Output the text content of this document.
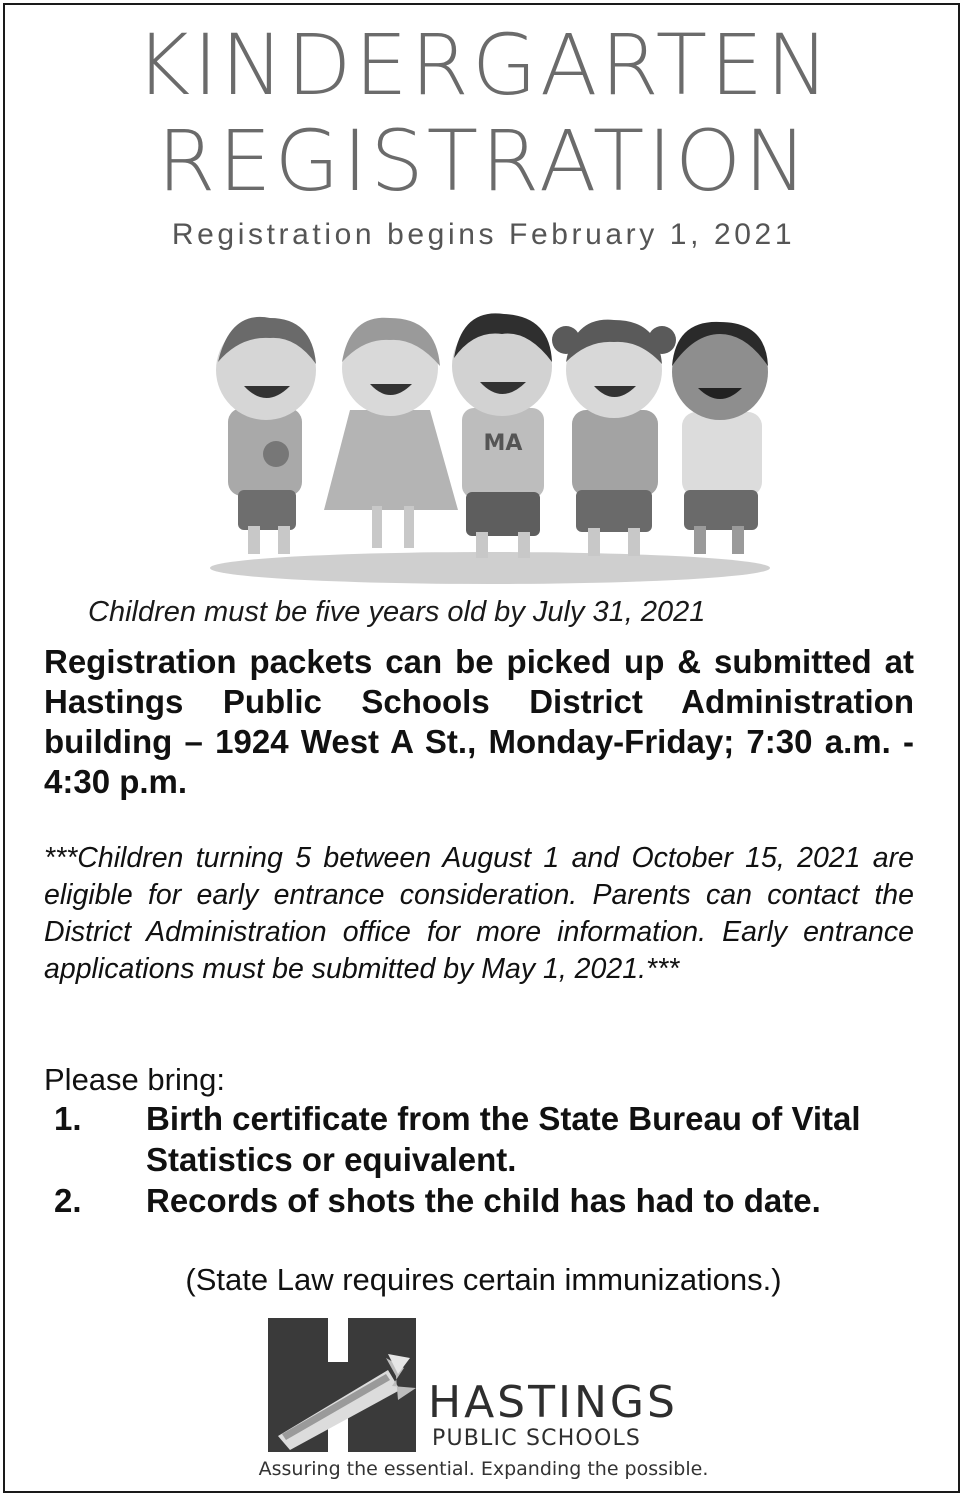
KINDERGARTEN
REGISTRATION
Registration begins February 1, 2021
MA
Children must be five years old by July 31, 2021
Registration packets can be picked up & submitted at Hastings Public Schools District Administration building – 1924 West A St., Monday-Friday; 7:30 a.m. - 4:30 p.m.
***Children turning 5 between August 1 and October 15, 2021 are eligible for early entrance consideration. Parents can contact the District Administration office for more information. Early entrance applications must be submitted by May 1, 2021.***
Please bring:
1. Birth certificate from the State Bureau of Vital Statistics or equivalent.
2. Records of shots the child has had to date.
(State Law requires certain immunizations.)
HASTINGS
PUBLIC SCHOOLS
Assuring the essential. Expanding the possible.
